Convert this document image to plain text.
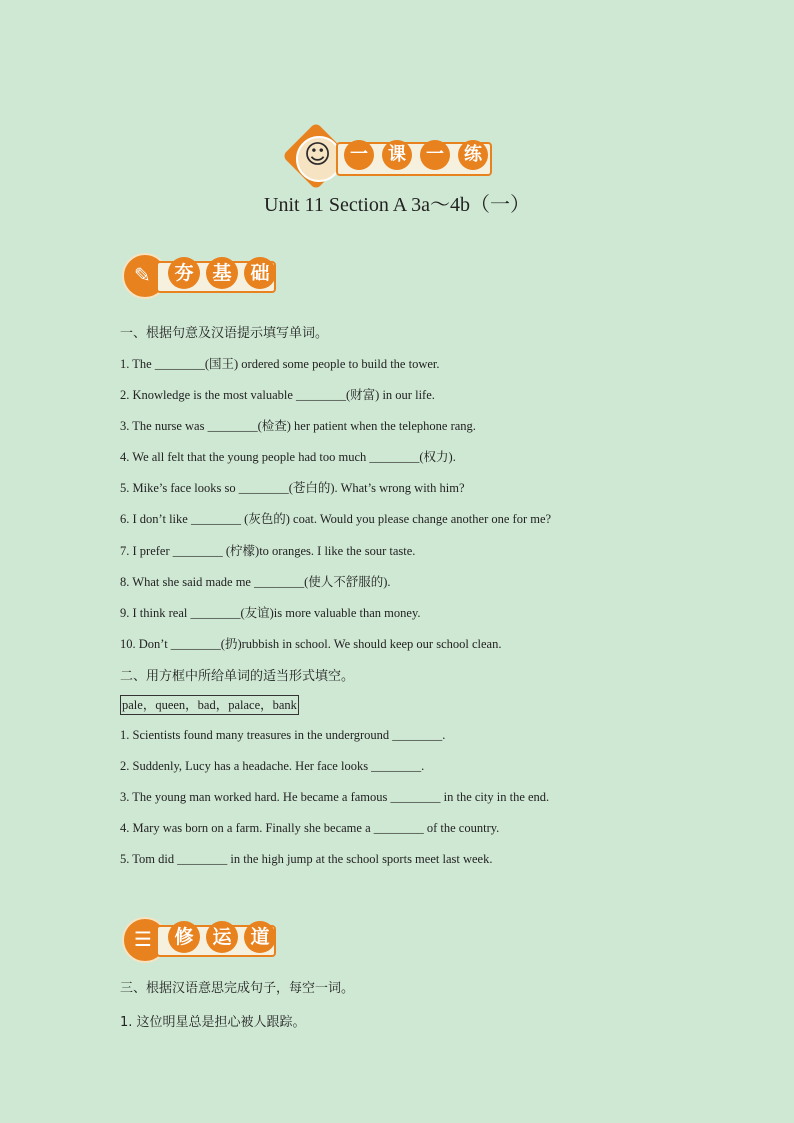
☺	一	课	一	练
Unit 11 Section A 3a～4b（一）
✎	夯 基 础
一、根据句意及汉语提示填写单词。
1. The ________(国王) ordered some people to build the tower.
2. Knowledge is the most valuable ________(财富) in our life.
3. The nurse was ________(检查) her patient when the telephone rang.
4. We all felt that the young people had too much ________(权力).
5. Mike’s face looks so ________(苍白的). What’s wrong with him?
6. I don’t like ________ (灰色的) coat. Would you please change another one for me?
7. I prefer ________ (柠檬)to oranges. I like the sour taste.
8. What she said made me ________(使人不舒服的).
9. I think real ________(友谊)is more valuable than money.
10. Don’t ________(扔)rubbish in school. We should keep our school clean.
二、用方框中所给单词的适当形式填空。
pale，queen，bad，palace，bank
1. Scientists found many treasures in the underground ________.
2. Suddenly, Lucy has a headache. Her face looks ________.
3. The young man worked hard. He became a famous ________ in the city in the end.
4. Mary was born on a farm. Finally she became a ________ of the country.
5. Tom did ________ in the high jump at the school sports meet last week.
☰	修 运 道
三、根据汉语意思完成句子，每空一词。
1. 这位明星总是担心被人跟踪。
